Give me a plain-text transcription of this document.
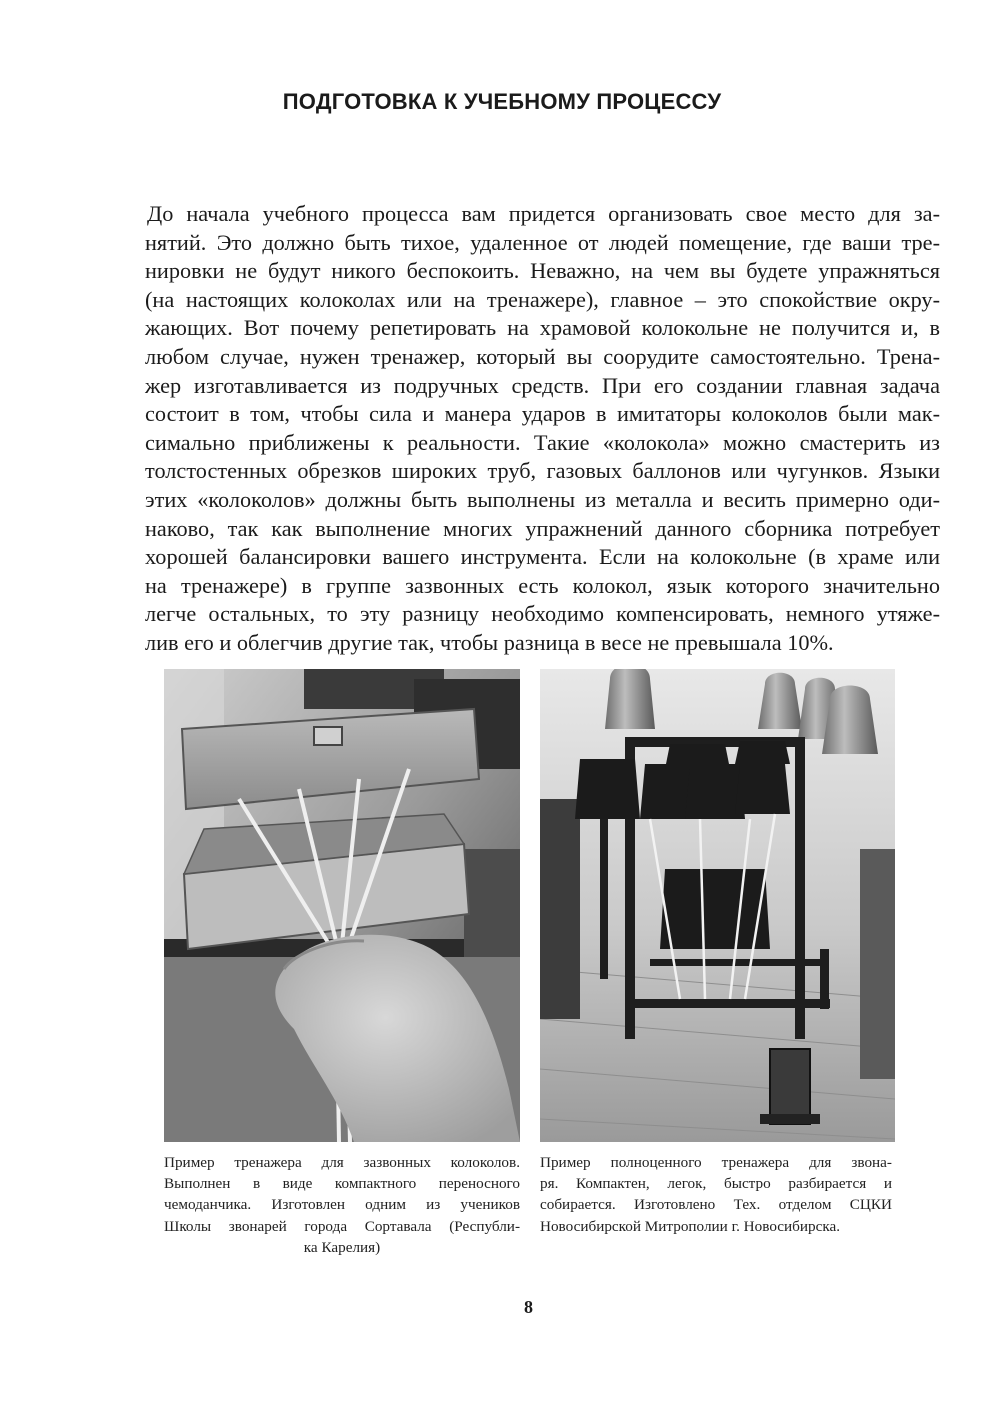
ПОДГОТОВКА К УЧЕБНОМУ ПРОЦЕССУ
До начала учебного процесса вам придется организовать свое место для за-
нятий. Это должно быть тихое, удаленное от людей помещение, где ваши тре-
нировки не будут никого беспокоить. Неважно, на чем вы будете упражняться
(на настоящих колоколах или на тренажере), главное – это спокойствие окру-
жающих. Вот почему репетировать на храмовой колокольне не получится и, в
любом случае, нужен тренажер, который вы соорудите самостоятельно. Трена-
жер изготавливается из подручных средств. При его создании главная задача
состоит в том, чтобы сила и манера ударов в имитаторы колоколов были мак-
симально приближены к реальности. Такие «колокола» можно смастерить из
толстостенных обрезков широких труб, газовых баллонов или чугунков. Языки
этих «колоколов» должны быть выполнены из металла и весить примерно оди-
наково, так как выполнение многих упражнений данного сборника потребует
хорошей балансировки вашего инструмента. Если на колокольне (в храме или
на тренажере) в группе зазвонных есть колокол, язык которого значительно
легче остальных, то эту разницу необходимо компенсировать, немного утяже-
лив его и облегчив другие так, чтобы разница в весе не превышала 10%.
Пример тренажера для зазвонных колоколов.
Выполнен в виде компактного переносного
чемоданчика. Изготовлен одним из учеников
Школы звонарей города Сортавала (Республи-
ка Карелия)
Пример полноценного тренажера для звона-
ря. Компактен, легок, быстро разбирается и
собирается. Изготовлено Тех. отделом СЦКИ
Новосибирской Митрополии г. Новосибирска.
8
